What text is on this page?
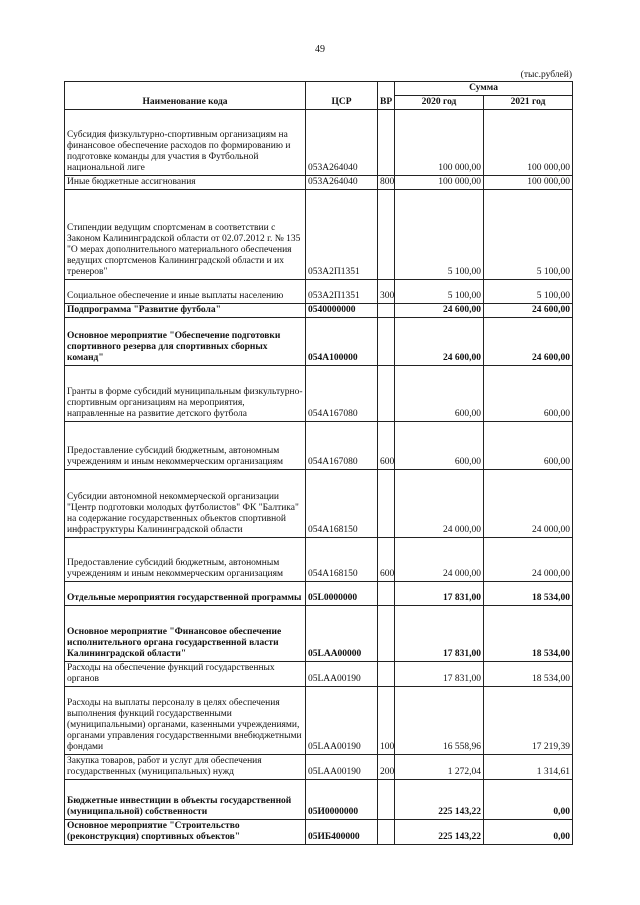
49
(тыс.рублей)
Наименование кода	ЦСР	ВР	Сумма	
			2020 год	2021 год
Субсидия физкультурно-спортивным организациям на финансовое обеспечение расходов по формированию и подготовке команды для участия в Футбольной национальной лиге	053А264040		100 000,00	100 000,00
Иные бюджетные ассигнования	053А264040	800	100 000,00	100 000,00
Стипендии ведущим спортсменам в соответствии с Законом Калининградской области от 02.07.2012 г. № 135 "О мерах дополнительного материального обеспечения ведущих спортсменов Калининградской области и их тренеров"	053А2П1351		5 100,00	5 100,00
Социальное обеспечение и иные выплаты населению	053А2П1351	300	5 100,00	5 100,00
Подпрограмма "Развитие футбола"	0540000000		24 600,00	24 600,00
Основное мероприятие "Обеспечение подготовки спортивного резерва для спортивных сборных команд"	054А100000		24 600,00	24 600,00
Гранты в форме субсидий муниципальным физкультурно-спортивным организациям на мероприятия, направленные на развитие детского футбола	054А167080		600,00	600,00
Предоставление субсидий бюджетным, автономным учреждениям и иным некоммерческим организациям	054А167080	600	600,00	600,00
Субсидии автономной некоммерческой организации "Центр подготовки молодых футболистов" ФК "Балтика" на содержание государственных объектов спортивной инфраструктуры Калининградской области	054А168150		24 000,00	24 000,00
Предоставление субсидий бюджетным, автономным учреждениям и иным некоммерческим организациям	054А168150	600	24 000,00	24 000,00
Отдельные мероприятия государственной программы	05L0000000		17 831,00	18 534,00
Основное мероприятие "Финансовое обеспечение исполнительного органа государственной власти Калининградской области"	05LAA00000		17 831,00	18 534,00
Расходы на обеспечение функций государственных органов	05LAA00190		17 831,00	18 534,00
Расходы на выплаты персоналу в целях обеспечения выполнения функций государственными (муниципальными) органами, казенными учреждениями, органами управления государственными внебюджетными фондами	05LAA00190	100	16 558,96	17 219,39
Закупка товаров, работ и услуг для обеспечения государственных (муниципальных) нужд	05LAA00190	200	1 272,04	1 314,61
Бюджетные инвестиции в объекты государственной (муниципальной) собственности	05И0000000		225 143,22	0,00
Основное мероприятие "Строительство (реконструкция) спортивных объектов"	05ИБ400000		225 143,22	0,00
